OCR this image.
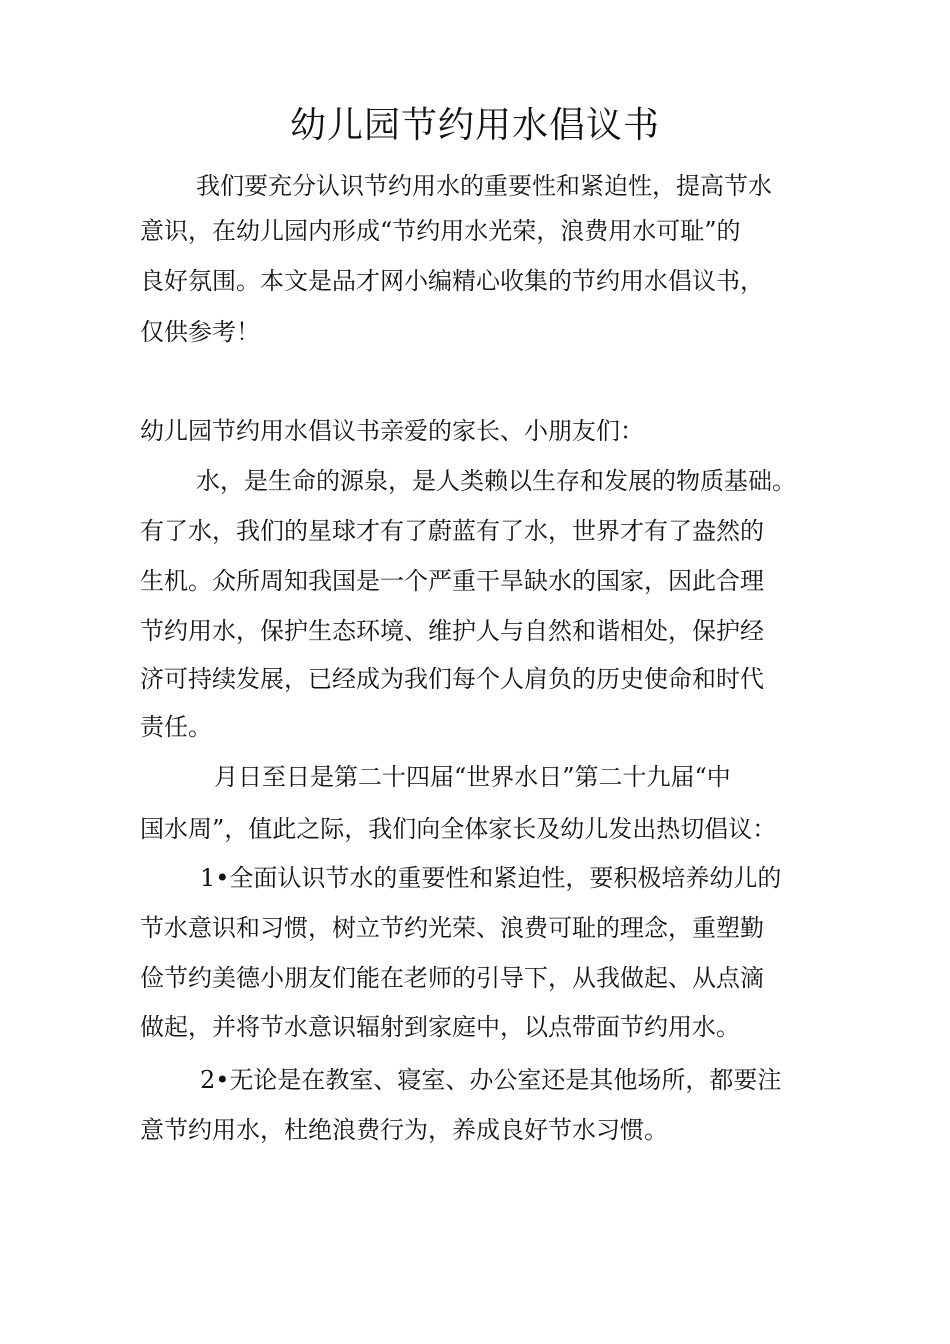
幼儿园节约用水倡议书

我们要充分认识节约用水的重要性和紧迫性，提高节水

意识，在幼儿园内形成“节约用水光荣，浪费用水可耻”的

良好氛围。本文是品才网小编精心收集的节约用水倡议书，

仅供参考！

幼儿园节约用水倡议书亲爱的家长、小朋友们：

水，是生命的源泉，是人类赖以生存和发展的物质基础。

有了水，我们的星球才有了蔚蓝有了水，世界才有了盎然的

生机。众所周知我国是一个严重干旱缺水的国家，因此合理

节约用水，保护生态环境、维护人与自然和谐相处，保护经

济可持续发展，已经成为我们每个人肩负的历史使命和时代

责任。

月日至日是第二十四届“世界水日”第二十九届“中

国水周”，值此之际，我们向全体家长及幼儿发出热切倡议：

1•全面认识节水的重要性和紧迫性，要积极培养幼儿的

节水意识和习惯，树立节约光荣、浪费可耻的理念，重塑勤

俭节约美德小朋友们能在老师的引导下，从我做起、从点滴

做起，并将节水意识辐射到家庭中，以点带面节约用水。

2•无论是在教室、寝室、办公室还是其他场所，都要注

意节约用水，杜绝浪费行为，养成良好节水习惯。
